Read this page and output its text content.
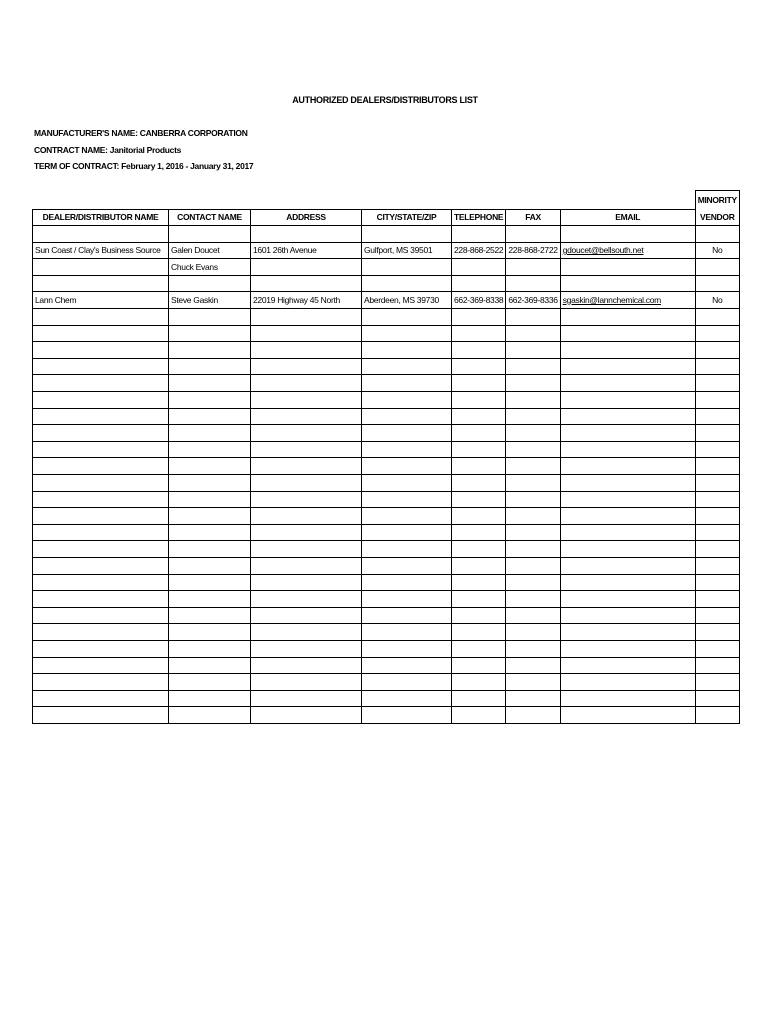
AUTHORIZED DEALERS/DISTRIBUTORS LIST
MANUFACTURER'S NAME: CANBERRA CORPORATION
CONTRACT NAME: Janitorial Products
TERM OF CONTRACT: February 1, 2016 - January 31, 2017
							MINORITY
DEALER/DISTRIBUTOR NAME	CONTACT NAME	ADDRESS	CITY/STATE/ZIP	TELEPHONE	FAX	EMAIL	VENDOR

Sun Coast / Clay's Business Source	Galen Doucet	1601 26th Avenue	Gulfport, MS 39501	228-868-2522	228-868-2722	gdoucet@bellsouth.net	No
	Chuck Evans						

Lann Chem	Steve Gaskin	22019 Highway 45 North	Aberdeen, MS 39730	662-369-8338	662-369-8336	sgaskin@lannchemical.com	No
